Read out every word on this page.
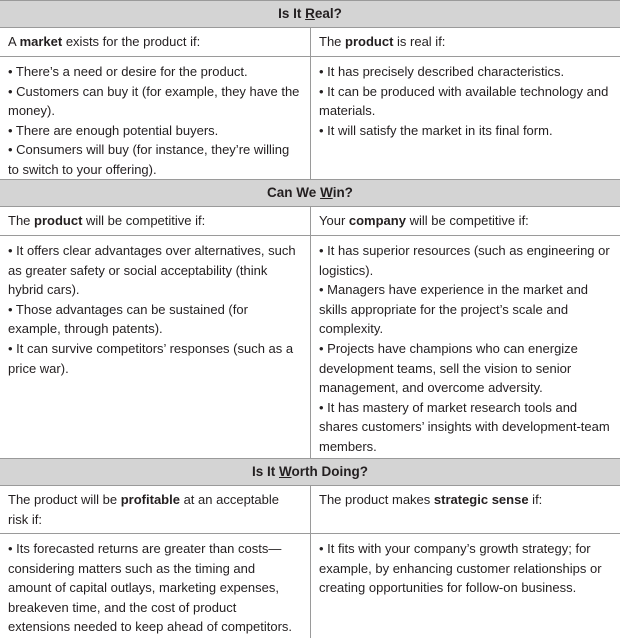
Is It Real?
A market exists for the product if:	The product is real if:
• There’s a need or desire for the product.
• Customers can buy it (for example, they have the money).
• There are enough potential buyers.
• Consumers will buy (for instance, they’re willing to switch to your offering).
• It has precisely described characteristics.
• It can be produced with available technology and materials.
• It will satisfy the market in its final form.
Can We Win?
The product will be competitive if:	Your company will be competitive if:
• It offers clear advantages over alternatives, such as greater safety or social acceptability (think hybrid cars).
• Those advantages can be sustained (for example, through patents).
• It can survive competitors’ responses (such as a price war).
• It has superior resources (such as engineering or logistics).
• Managers have experience in the market and skills appropriate for the project’s scale and complexity.
• Projects have champions who can energize development teams, sell the vision to senior management, and overcome adversity.
• It has mastery of market research tools and shares customers’ insights with development-team members.
Is It Worth Doing?
The product will be profitable at an acceptable risk if:
The product makes strategic sense if:
• Its forecasted returns are greater than costs—considering matters such as the timing and amount of capital outlays, marketing expenses, breakeven time, and the cost of product extensions needed to keep ahead of competitors.
• It fits with your company’s growth strategy; for example, by enhancing customer relationships or creating opportunities for follow-on business.
